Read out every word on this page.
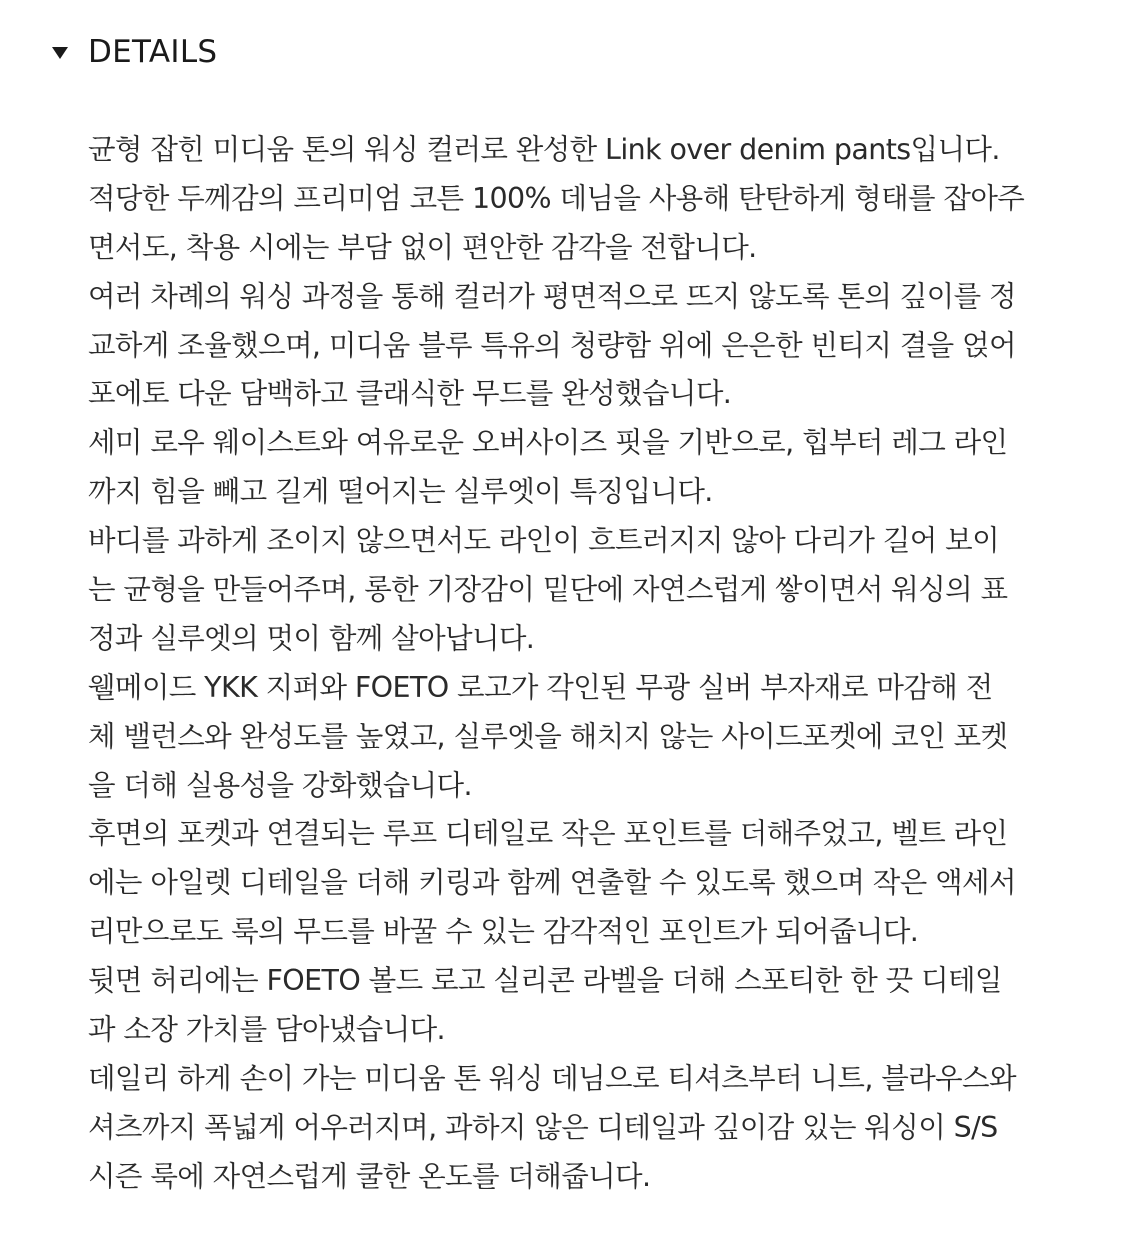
DETAILS
균형 잡힌 미디움 톤의 워싱 컬러로 완성한 Link over denim pants입니다.
적당한 두께감의 프리미엄 코튼 100% 데님을 사용해 탄탄하게 형태를 잡아주
면서도, 착용 시에는 부담 없이 편안한 감각을 전합니다.
여러 차례의 워싱 과정을 통해 컬러가 평면적으로 뜨지 않도록 톤의 깊이를 정
교하게 조율했으며, 미디움 블루 특유의 청량함 위에 은은한 빈티지 결을 얹어
포에토 다운 담백하고 클래식한 무드를 완성했습니다.
세미 로우 웨이스트와 여유로운 오버사이즈 핏을 기반으로, 힙부터 레그 라인
까지 힘을 빼고 길게 떨어지는 실루엣이 특징입니다.
바디를 과하게 조이지 않으면서도 라인이 흐트러지지 않아 다리가 길어 보이
는 균형을 만들어주며, 롱한 기장감이 밑단에 자연스럽게 쌓이면서 워싱의 표
정과 실루엣의 멋이 함께 살아납니다.
웰메이드 YKK 지퍼와 FOETO 로고가 각인된 무광 실버 부자재로 마감해 전
체 밸런스와 완성도를 높였고, 실루엣을 해치지 않는 사이드포켓에 코인 포켓
을 더해 실용성을 강화했습니다.
후면의 포켓과 연결되는 루프 디테일로 작은 포인트를 더해주었고, 벨트 라인
에는 아일렛 디테일을 더해 키링과 함께 연출할 수 있도록 했으며 작은 액세서
리만으로도 룩의 무드를 바꿀 수 있는 감각적인 포인트가 되어줍니다.
뒷면 허리에는 FOETO 볼드 로고 실리콘 라벨을 더해 스포티한 한 끗 디테일
과 소장 가치를 담아냈습니다.
데일리 하게 손이 가는 미디움 톤 워싱 데님으로 티셔츠부터 니트, 블라우스와
셔츠까지 폭넓게 어우러지며, 과하지 않은 디테일과 깊이감 있는 워싱이 S/S
시즌 룩에 자연스럽게 쿨한 온도를 더해줍니다.
